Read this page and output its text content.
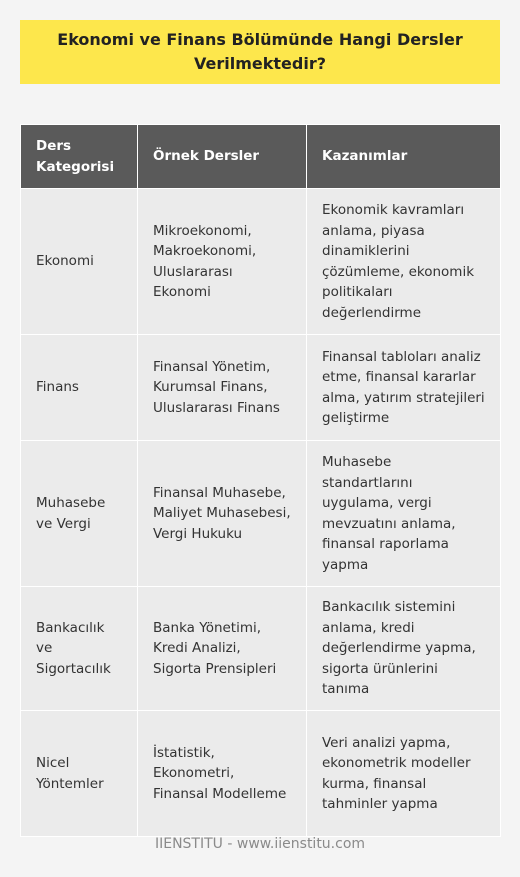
Ekonomi ve Finans Bölümünde Hangi Dersler Verilmektedir?
Ders Kategorisi	Örnek Dersler	Kazanımlar
Ekonomi	Mikroekonomi, Makroekonomi, Uluslararası Ekonomi	Ekonomik kavramları anlama, piyasa dinamiklerini çözümleme, ekonomik politikaları değerlendirme
Finans	Finansal Yönetim, Kurumsal Finans, Uluslararası Finans	Finansal tabloları analiz etme, finansal kararlar alma, yatırım stratejileri geliştirme
Muhasebe ve Vergi	Finansal Muhasebe, Maliyet Muhasebesi, Vergi Hukuku	Muhasebe standartlarını uygulama, vergi mevzuatını anlama, finansal raporlama yapma
Bankacılık ve Sigortacılık	Banka Yönetimi, Kredi Analizi, Sigorta Prensipleri	Bankacılık sistemini anlama, kredi değerlendirme yapma, sigorta ürünlerini tanıma
Nicel Yöntemler	İstatistik, Ekonometri, Finansal Modelleme	Veri analizi yapma, ekonometrik modeller kurma, finansal tahminler yapma
IIENSTITU - www.iienstitu.com
